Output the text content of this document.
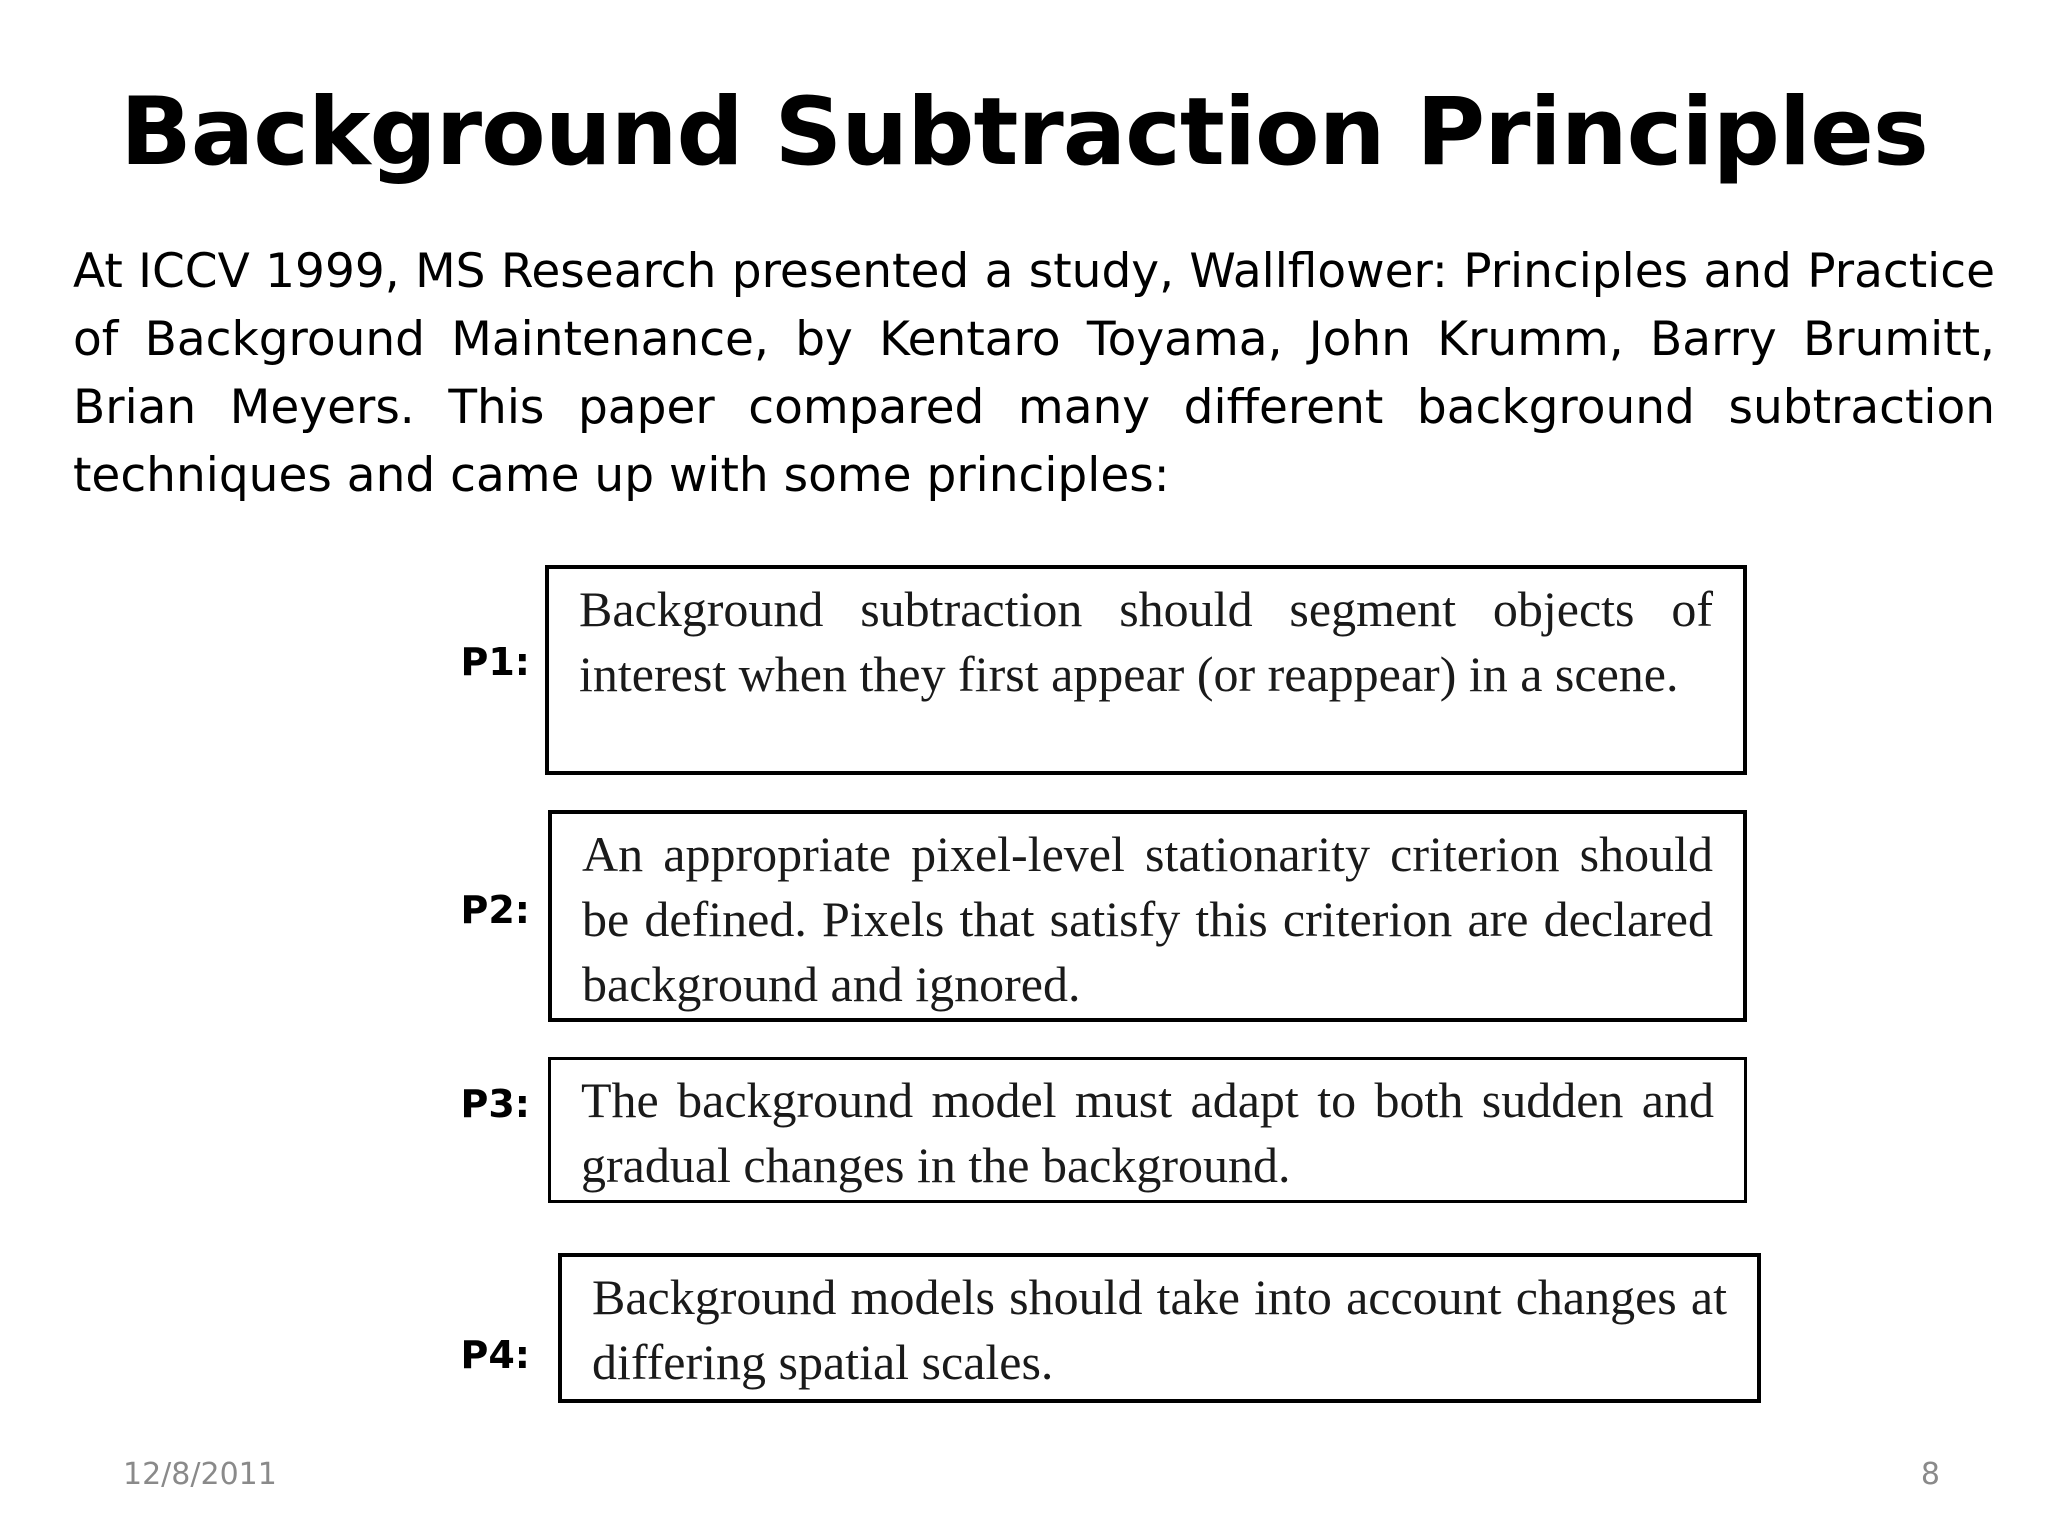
Background Subtraction Principles

At ICCV 1999, MS Research presented a study, Wallflower: Principles and Practice of Background Maintenance, by Kentaro Toyama, John Krumm, Barry Brumitt, Brian Meyers. This paper compared many different background subtraction techniques and came up with some principles:

P1:
Background subtraction should segment objects of interest when they first appear (or reappear) in a scene.
P2:
An appropriate pixel-level stationarity criterion should be defined. Pixels that satisfy this criterion are declared background and ignored.
P3:	The background model must adapt to both sudden and gradual changes in the background.
P4:
Background models should take into account changes at differing spatial scales.
12/8/2011	8
